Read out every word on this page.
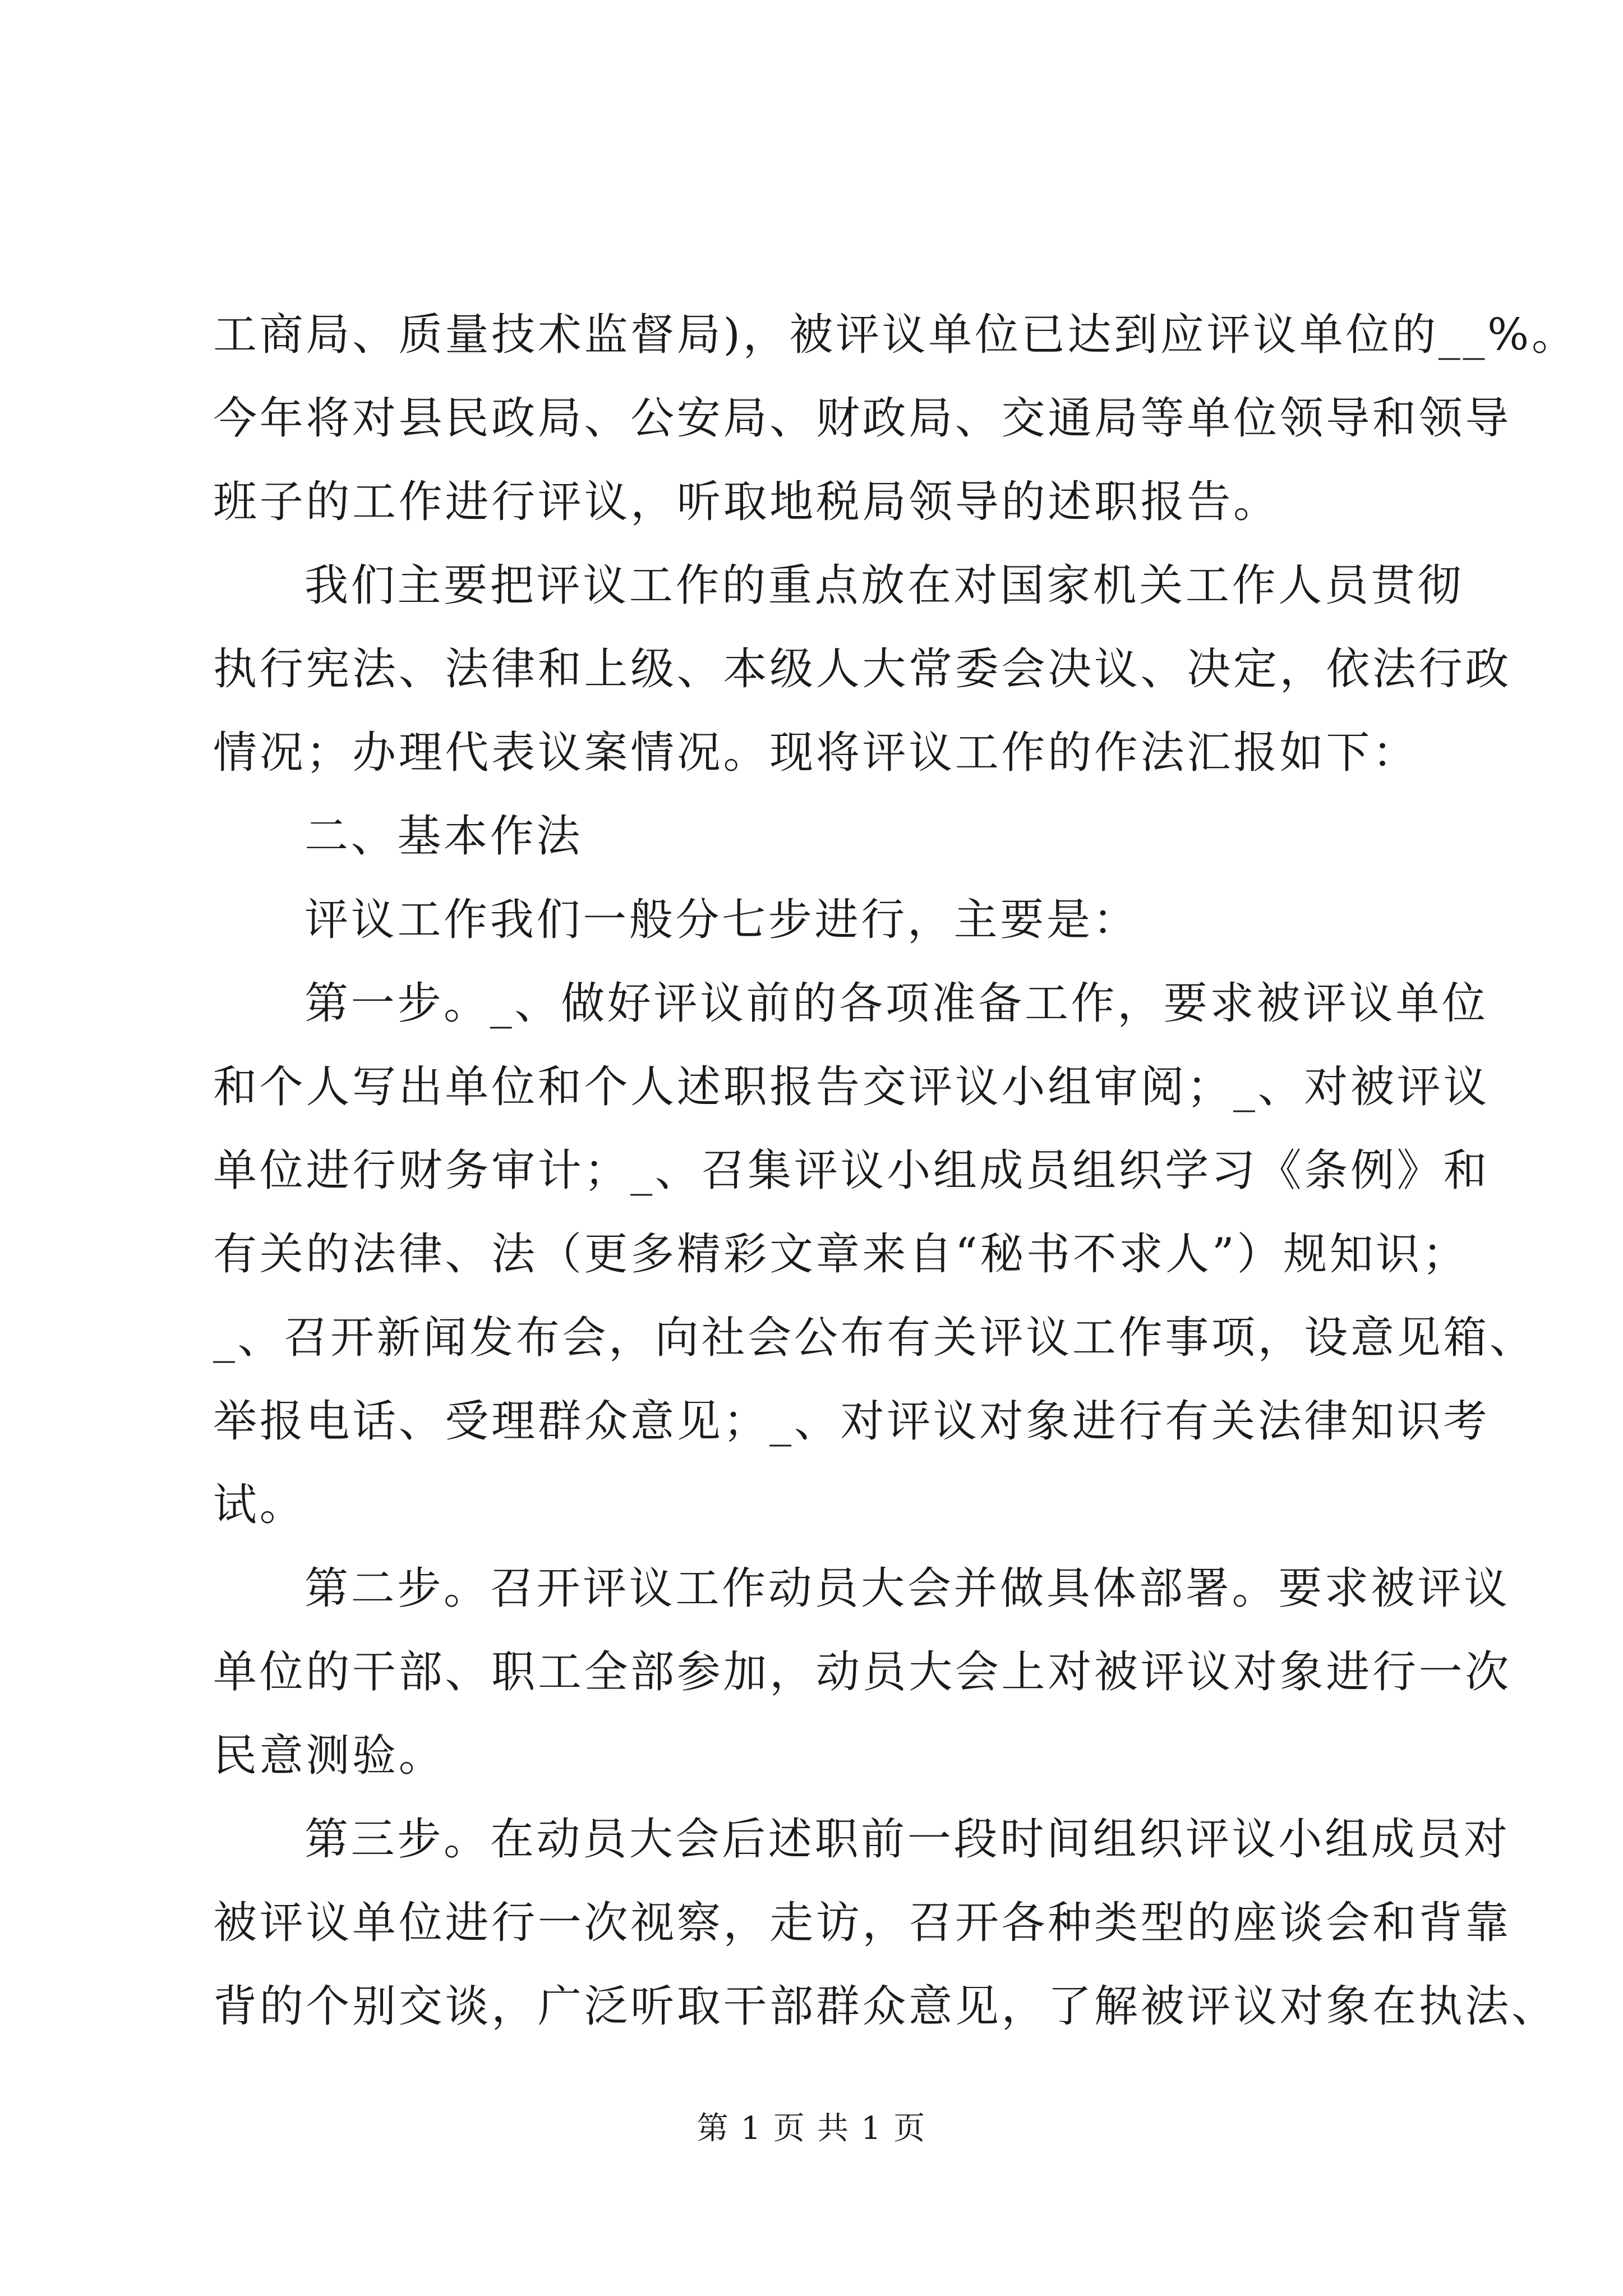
工商局、质量技术监督局)，被评议单位已达到应评议单位的__%。
今年将对县民政局、公安局、财政局、交通局等单位领导和领导
班子的工作进行评议，听取地税局领导的述职报告。
我们主要把评议工作的重点放在对国家机关工作人员贯彻
执行宪法、法律和上级、本级人大常委会决议、决定，依法行政
情况；办理代表议案情况。现将评议工作的作法汇报如下：
二、基本作法
评议工作我们一般分七步进行，主要是：
第一步。_、做好评议前的各项准备工作，要求被评议单位
和个人写出单位和个人述职报告交评议小组审阅；_、对被评议
单位进行财务审计；_、召集评议小组成员组织学习《条例》和
有关的法律、法（更多精彩文章来自“秘书不求人”）规知识；
_、召开新闻发布会，向社会公布有关评议工作事项，设意见箱、
举报电话、受理群众意见；_、对评议对象进行有关法律知识考
试。
第二步。召开评议工作动员大会并做具体部署。要求被评议
单位的干部、职工全部参加，动员大会上对被评议对象进行一次
民意测验。
第三步。在动员大会后述职前一段时间组织评议小组成员对
被评议单位进行一次视察，走访，召开各种类型的座谈会和背靠
背的个别交谈，广泛听取干部群众意见，了解被评议对象在执法、
第 1 页 共 1 页
